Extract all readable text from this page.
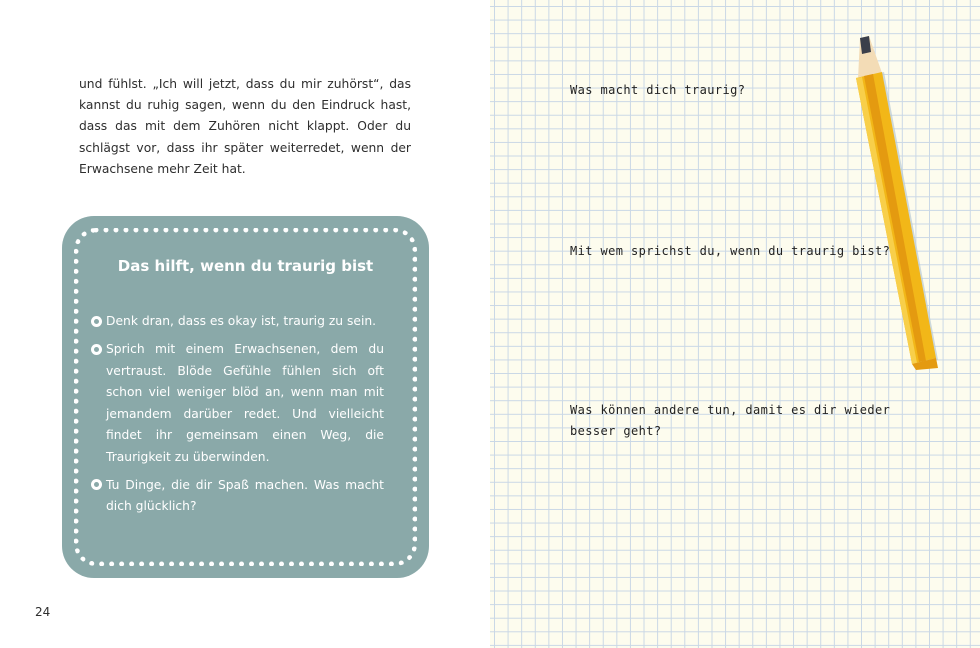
und fühlst. „Ich will jetzt, dass du mir zuhörst“, das kannst du ruhig sagen, wenn du den Eindruck hast, dass das mit dem Zuhören nicht klappt. Oder du schlägst vor, dass ihr später weiterredet, wenn der Erwachsene mehr Zeit hat.

Das hilft, wenn du traurig bist
Denk dran, dass es okay ist, traurig zu sein.
Sprich mit einem Erwachsenen, dem du vertraust. Blöde Gefühle fühlen sich oft schon viel weniger blöd an, wenn man mit jemandem darüber redet. Und vielleicht findet ihr gemeinsam einen Weg, die Traurigkeit zu überwinden.
Tu Dinge, die dir Spaß machen. Was macht dich glücklich?

24

Was macht dich traurig?

Mit wem sprichst du, wenn du traurig bist?

Was können andere tun, damit es dir wieder besser geht?
